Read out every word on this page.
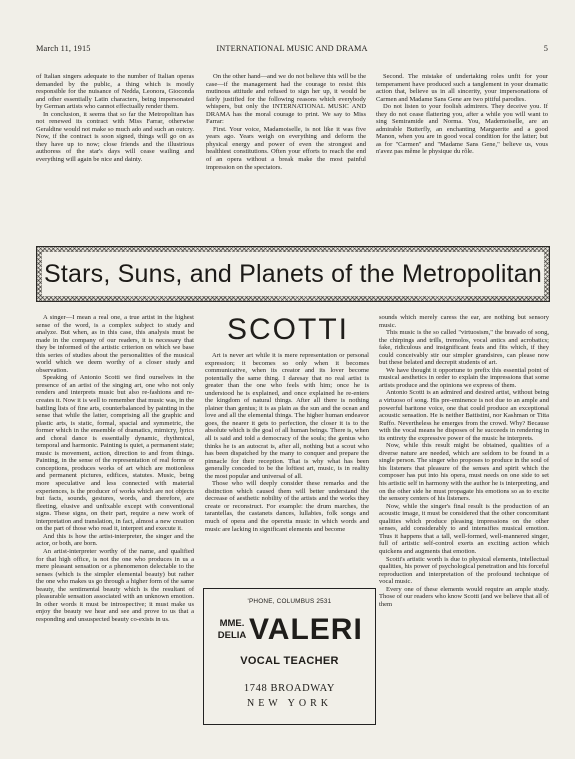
March 11, 1915	INTERNATIONAL MUSIC AND DRAMA	5

of Italian singers adequate to the number of Italian operas demanded by the public, a thing which is mostly responsible for the nuisance of Nedda, Leonora, Gioconda and other essentially Latin characters, being impersonated by German artists who cannot effectually render them.

In conclusion, it seems that so far the Metropolitan has not renewed its contract with Miss Farrar, otherwise Geraldine would not make so much ado and such an outcry. Now, if the contract is soon signed, things will go on as they have up to now; close friends and the illustrious authoress of the star's days will cease wailing and everything will again be nice and dainty.

On the other hand—and we do not believe this will be the case—if the management had the courage to resist this mutinous attitude and refused to sign her up, it would be fairly justified for the following reasons which everybody whispers, but only the INTERNATIONAL MUSIC AND DRAMA has the moral courage to print. We say to Miss Farrar:

First. Your voice, Madamoiselle, is not like it was five years ago. Years weigh on everything and deform the physical energy and power of even the strongest and healthiest constitutions. Often your efforts to reach the end of an opera without a break make the most painful impression on the spectators.

Second. The mistake of undertaking roles unfit for your temperament have produced such a tanglement in your dramatic action that, believe us in all sincerity, your impersonations of Carmen and Madame Sans Gene are two pitiful parodies.

Do not listen to your foolish admirers. They deceive you. If they do not cease flattering you, after a while you will want to sing Semiramide and Norma. You, Mademoiselle, are an admirable Butterfly, an enchanting Marguerite and a good Manon, when you are in good vocal condition for the latter; but as for "Carmen" and "Madame Sans Gene," believe us, vous n'avez pas même le physique du rôle.

Stars, Suns, and Planets of the Metropolitan

A singer—I mean a real one, a true artist in the highest sense of the word, is a complex subject to study and analyze. But when, as in this case, this analysis must be made in the company of our readers, it is necessary that they be informed of the artistic criterion on which we base this series of studies about the personalities of the musical world which we deem worthy of a closer study and observation.

Speaking of Antonio Scotti we find ourselves in the presence of an artist of the singing art, one who not only renders and interprets music but also re-fashions and re-creates it. Now it is well to remember that music was, in the battling lists of fine arts, counterbalanced by painting in the sense that while the latter, comprising all the graphic and plastic arts, is static, formal, spacial and symmetric, the former which in the ensemble of dramatics, mimicry, lyrics and choral dance is essentially dynamic, rhythmical, temporal and harmonic. Painting is quiet, a permanent state; music is movement, action, direction to and from things. Painting, in the sense of the representation of real forms or conceptions, produces works of art which are motionless and permanent pictures, edifices, statutes. Music, being more speculative and less connected with material experiences, is the producer of works which are not objects but facts, sounds, gestures, words, and therefore, are fleeting, elusive and unfixable except with conventional signs. These signs, on their part, require a new work of interpretation and translation, in fact, almost a new creation on the part of those who read it, interpret and execute it.

And this is how the artist-interpreter, the singer and the actor, or both, are born.

An artist-interpreter worthy of the name, and qualified for that high office, is not the one who produces in us a mere pleasant sensation or a phenomenon delectable to the senses (which is the simpler elemental beauty) but rather the one who makes us go through a higher form of the same beauty, the sentimental beauty which is the resultant of pleasurable sensation associated with an unknown emotion. In other words it must be introspective; it must make us enjoy the beauty we hear and see and prove to us that a responding and unsuspected beauty co-exists in us.

SCOTTI

Art is never art while it is mere representation or personal expression; it becomes so only when it becomes communicative, when its creator and its lover become potentially the same thing. I daresay that no real artist is greater than the one who feels with him; once he is understood he is explained, and once explained he re-enters the kingdom of natural things. After all there is nothing plainer than genius; it is as plain as the sun and the ocean and love and all the elemental things. The higher human endeavor goes, the nearer it gets to perfection, the closer it is to the absolute which is the goal of all human beings. There is, when all is said and told a democracy of the souls; the genius who thinks he is an autocrat is, after all, nothing but a scout who has been dispatched by the many to conquer and prepare the pinnacle for their reception. That is why what has been generally conceded to be the loftiest art, music, is in reality the most popular and universal of all.

Those who will deeply consider these remarks and the distinction which caused them will better understand the decrease of aesthetic nobility of the artists and the works they create or reconstruct. For example: the drum marches, the tarantellas, the castanets dances, lullabies, folk songs and much of opera and the operetta music in which words and music are lacking in significant elements and become

'PHONE, COLUMBUS 2531
MME.
DELIA VALERI
VOCAL TEACHER
1748 BROADWAY
NEW YORK

sounds which merely caress the ear, are nothing but sensory music.

This music is the so called "virtuosism," the bravado of song, the chirpings and trills, tremolos, vocal antics and acrobatics; fake, ridiculous and insignificant feats and fits which, if they could conceivably stir our simpler grandsires, can please now but these belated and decrepit students of art.

We have thought it opportune to prefix this essential point of musical aesthetics in order to explain the impressions that some artists produce and the opinions we express of them.

Antonio Scotti is an admired and desired artist, without being a virtuoso of song. His pre-eminence is not due to an ample and powerful baritone voice, one that could produce an exceptional acoustic sensation. He is neither Battistini, nor Kashman or Titta Ruffo. Nevertheless he emerges from the crowd. Why? Because with the vocal means he disposes of he succeeds in rendering in its entirety the expressive power of the music he interprets.

Now, while this result might be obtained, qualities of a diverse nature are needed, which are seldom to be found in a single person. The singer who proposes to produce in the soul of his listeners that pleasure of the senses and spirit which the composer has put into his opera, must needs on one side to set his artistic self in harmony with the author he is interpreting, and on the other side he must propagate his emotions so as to excite the sensory centers of his listeners.

Now, while the singer's final result is the production of an acoustic image, it must be considered that the other concomitant qualities which produce pleasing impressions on the other senses, add considerably to and intensifies musical emotion. Thus it happens that a tall, well-formed, well-mannered singer, full of artistic self-control exerts an exciting action which quickens and augments that emotion.

Scotti's artistic worth is due to physical elements, intellectual qualities, his power of psychological penetration and his forceful reproduction and interpretation of the profound technique of vocal music.

Every one of these elements would require an ample study. Those of our readers who know Scotti (and we believe that all of them
